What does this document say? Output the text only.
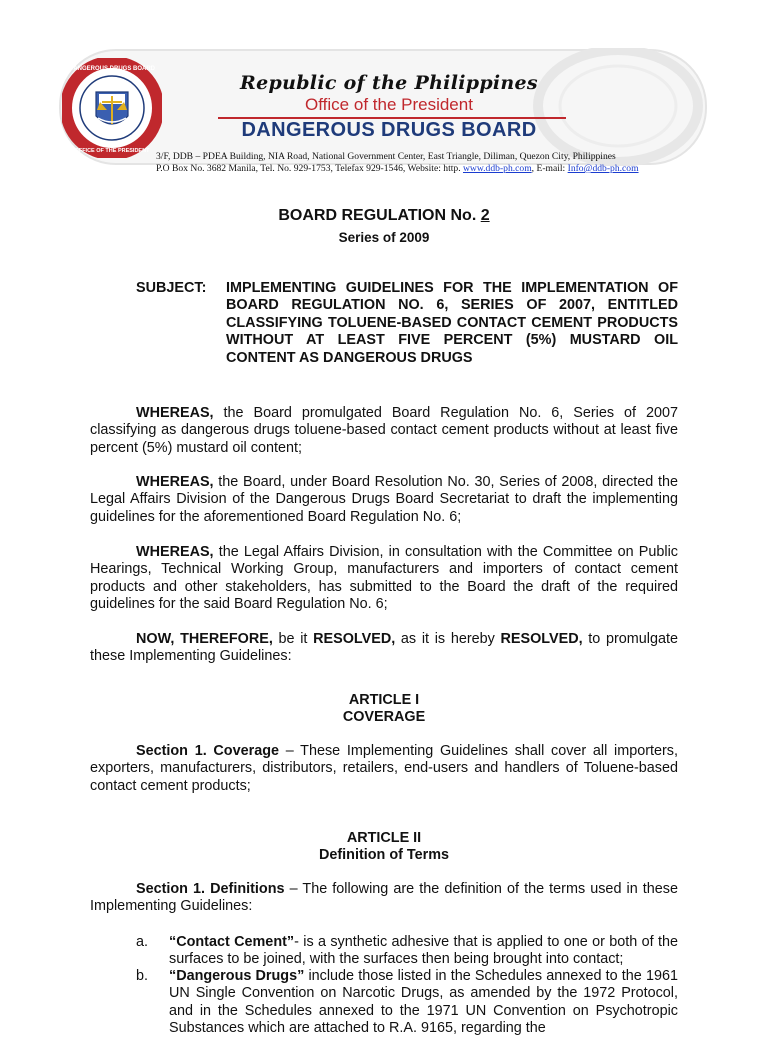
DANGEROUS DRUGS BOARD
OFFICE OF THE PRESIDENT
Republic of the Philippines
Office of the President
DANGEROUS DRUGS BOARD
3/F, DDB – PDEA Building, NIA Road, National Government Center, East Triangle, Diliman, Quezon City, Philippines
P.O Box No. 3682 Manila, Tel. No. 929-1753, Telefax 929-1546, Website: http. www.ddb-ph.com, E-mail: Info@ddb-ph.com
BOARD REGULATION No. 2
Series of 2009
SUBJECT: IMPLEMENTING GUIDELINES FOR THE IMPLEMENTATION OF BOARD REGULATION NO. 6, SERIES OF 2007, ENTITLED CLASSIFYING TOLUENE-BASED CONTACT CEMENT PRODUCTS WITHOUT AT LEAST FIVE PERCENT (5%) MUSTARD OIL CONTENT AS DANGEROUS DRUGS
WHEREAS, the Board promulgated Board Regulation No. 6, Series of 2007 classifying as dangerous drugs toluene-based contact cement products without at least five percent (5%) mustard oil content;
WHEREAS, the Board, under Board Resolution No. 30, Series of 2008, directed the Legal Affairs Division of the Dangerous Drugs Board Secretariat to draft the implementing guidelines for the aforementioned Board Regulation No. 6;
WHEREAS, the Legal Affairs Division, in consultation with the Committee on Public Hearings, Technical Working Group, manufacturers and importers of contact cement products and other stakeholders, has submitted to the Board the draft of the required guidelines for the said Board Regulation No. 6;
NOW, THEREFORE, be it RESOLVED, as it is hereby RESOLVED, to promulgate these Implementing Guidelines:
ARTICLE I
COVERAGE
Section 1. Coverage – These Implementing Guidelines shall cover all importers, exporters, manufacturers, distributors, retailers, end-users and handlers of Toluene-based contact cement products;
ARTICLE II
Definition of Terms
Section 1. Definitions – The following are the definition of the terms used in these Implementing Guidelines:
a. “Contact Cement”- is a synthetic adhesive that is applied to one or both of the surfaces to be joined, with the surfaces then being brought into contact;
b. “Dangerous Drugs” include those listed in the Schedules annexed to the 1961 UN Single Convention on Narcotic Drugs, as amended by the 1972 Protocol, and in the Schedules annexed to the 1971 UN Convention on Psychotropic Substances which are attached to R.A. 9165, regarding the
